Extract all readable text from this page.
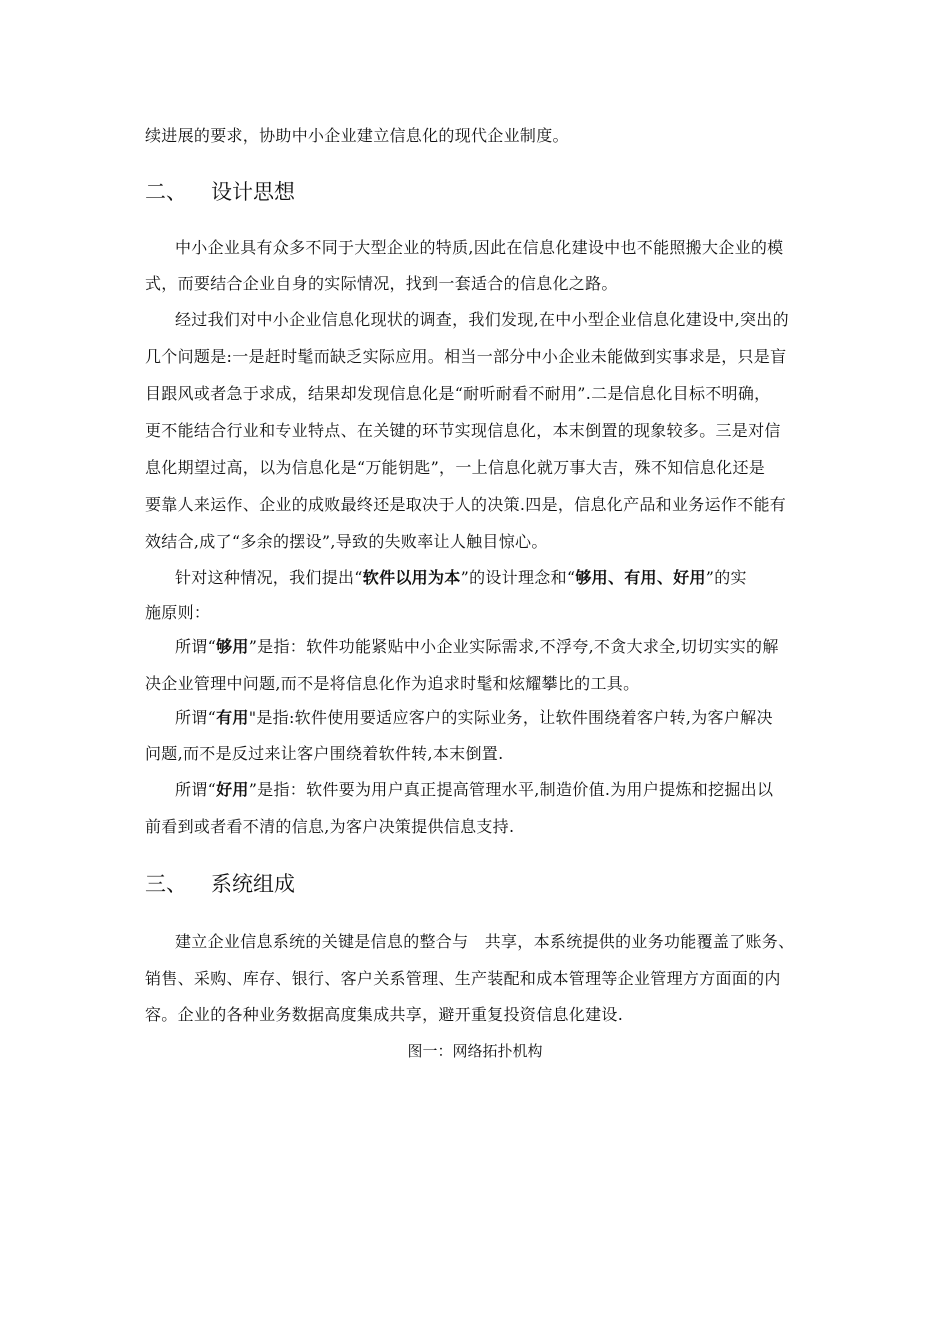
续进展的要求，协助中小企业建立信息化的现代企业制度。
二、 设计思想
中小企业具有众多不同于大型企业的特质,因此在信息化建设中也不能照搬大企业的模
式，而要结合企业自身的实际情况，找到一套适合的信息化之路。
经过我们对中小企业信息化现状的调查，我们发现,在中小型企业信息化建设中,突出的
几个问题是:一是赶时髦而缺乏实际应用。相当一部分中小企业未能做到实事求是，只是盲
目跟风或者急于求成，结果却发现信息化是“耐听耐看不耐用”.二是信息化目标不明确，
更不能结合行业和专业特点、在关键的环节实现信息化，本末倒置的现象较多。三是对信
息化期望过高，以为信息化是“万能钥匙”，一上信息化就万事大吉，殊不知信息化还是
要靠人来运作、企业的成败最终还是取决于人的决策.四是，信息化产品和业务运作不能有
效结合,成了“多余的摆设”,导致的失败率让人触目惊心。
针对这种情况，我们提出“软件以用为本”的设计理念和“够用、有用、好用”的实
施原则：
所谓“够用”是指：软件功能紧贴中小企业实际需求,不浮夸,不贪大求全,切切实实的解
决企业管理中问题,而不是将信息化作为追求时髦和炫耀攀比的工具。
所谓“有用"是指:软件使用要适应客户的实际业务，让软件围绕着客户转,为客户解决
问题,而不是反过来让客户围绕着软件转,本末倒置.
所谓“好用”是指：软件要为用户真正提高管理水平,制造价值.为用户提炼和挖掘出以
前看到或者看不清的信息,为客户决策提供信息支持.
三、 系统组成
建立企业信息系统的关键是信息的整合与　共享，本系统提供的业务功能覆盖了账务、
销售、采购、库存、银行、客户关系管理、生产装配和成本管理等企业管理方方面面的内
容。企业的各种业务数据高度集成共享，避开重复投资信息化建设.
图一：网络拓扑机构
